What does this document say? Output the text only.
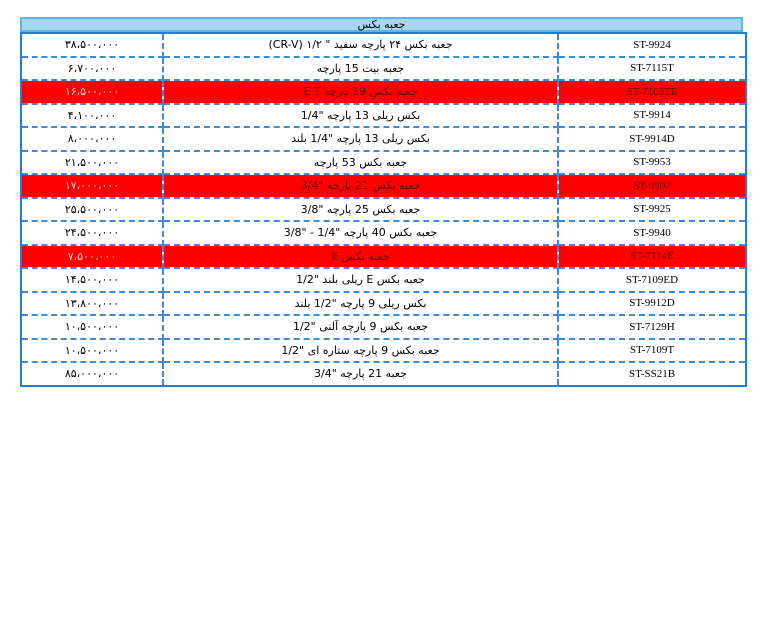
جعبه بکس
۳۸،۵۰۰،۰۰۰	جعبه بکس ۲۴ پارچه سفید " ۱/۲ (CR-V)	ST-9924
۶،۷۰۰،۰۰۰	جعبه بیت 15 پارچه	ST-7115T
۱۶،۵۰۰،۰۰۰	جعبه بکس 19 پارچه E T	ST-7109TE
۴،۱۰۰،۰۰۰	بکس ریلی 13 پارچه "1/4	ST-9914
۸،۰۰۰،۰۰۰	بکس ریلی 13 پارچه "1/4 بلند	ST-9914D
۲۱،۵۰۰،۰۰۰	جعبه بکس 53 پارچه	ST-9953
۱۷،۰۰۰،۰۰۰	جعبه بکس 21 پارچه "3/4	ST-9907
۲۵،۵۰۰،۰۰۰	جعبه بکس 25 پارچه "3/8	ST-9925
۲۴،۵۰۰،۰۰۰	جعبه بکس 40 پارچه "1/4 - "3/8	ST-9940
۷،۵۰۰،۰۰۰	جعبه بکس E	ST-7114E
۱۴،۵۰۰،۰۰۰	جعبه بکس E ریلی بلند "1/2	ST-7109ED
۱۳،۸۰۰،۰۰۰	بکس ریلی 9 پارچه "1/2 بلند	ST-9912D
۱۰،۵۰۰،۰۰۰	جعبه بکس 9 پارچه آلنی "1/2	ST-7129H
۱۰،۵۰۰،۰۰۰	جعبه بکس 9 پارچه ستاره ای "1/2	ST-7109T
۸۵،۰۰۰،۰۰۰	جعبه 21 پارچه "3/4	ST-SS21B
